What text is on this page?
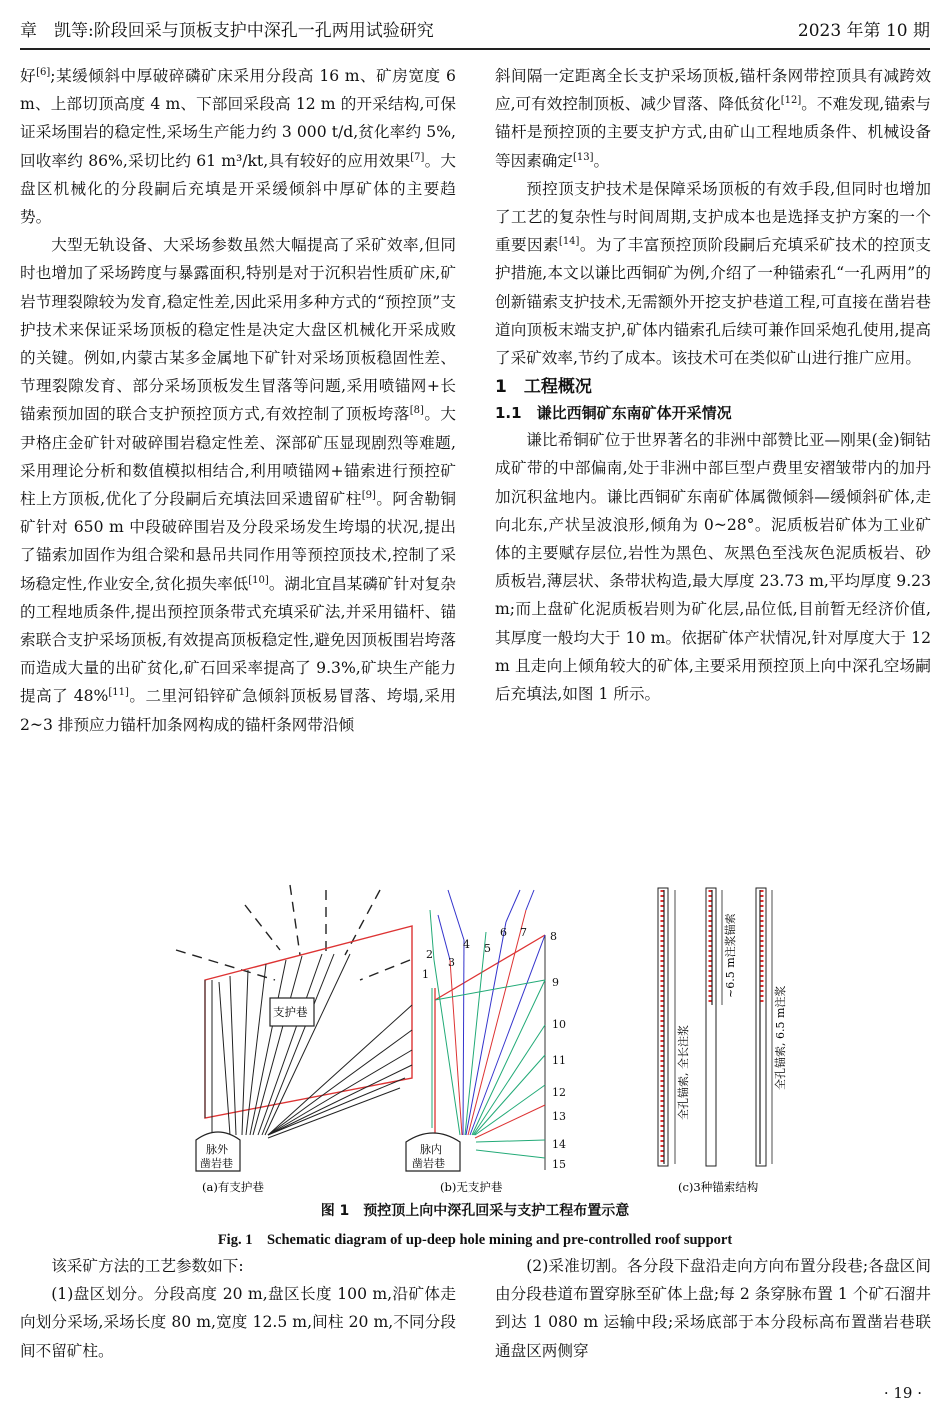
章　凯等:阶段回采与顶板支护中深孔一孔两用试验研究	2023 年第 10 期

好[6];某缓倾斜中厚破碎磷矿床采用分段高 16 m、矿房宽度 6 m、上部切顶高度 4 m、下部回采段高 12 m 的开采结构,可保证采场围岩的稳定性,采场生产能力约 3 000 t/d,贫化率约 5%,回收率约 86%,采切比约 61 m³/kt,具有较好的应用效果[7]。大盘区机械化的分段嗣后充填是开采缓倾斜中厚矿体的主要趋势。

大型无轨设备、大采场参数虽然大幅提高了采矿效率,但同时也增加了采场跨度与暴露面积,特别是对于沉积岩性质矿床,矿岩节理裂隙较为发育,稳定性差,因此采用多种方式的“预控顶”支护技术来保证采场顶板的稳定性是决定大盘区机械化开采成败的关键。例如,内蒙古某多金属地下矿针对采场顶板稳固性差、节理裂隙发育、部分采场顶板发生冒落等问题,采用喷锚网+长锚索预加固的联合支护预控顶方式,有效控制了顶板垮落[8]。大尹格庄金矿针对破碎围岩稳定性差、深部矿压显现剧烈等难题,采用理论分析和数值模拟相结合,利用喷锚网+锚索进行预控矿柱上方顶板,优化了分段嗣后充填法回采遗留矿柱[9]。阿舍勒铜矿针对 650 m 中段破碎围岩及分段采场发生垮塌的状况,提出了锚索加固作为组合梁和悬吊共同作用等预控顶技术,控制了采场稳定性,作业安全,贫化损失率低[10]。湖北宜昌某磷矿针对复杂的工程地质条件,提出预控顶条带式充填采矿法,并采用锚杆、锚索联合支护采场顶板,有效提高顶板稳定性,避免因顶板围岩垮落而造成大量的出矿贫化,矿石回采率提高了 9.3%,矿块生产能力提高了 48%[11]。二里河铅锌矿急倾斜顶板易冒落、垮塌,采用 2~3 排预应力锚杆加条网构成的锚杆条网带沿倾

斜间隔一定距离全长支护采场顶板,锚杆条网带控顶具有减跨效应,可有效控制顶板、减少冒落、降低贫化[12]。不难发现,锚索与锚杆是预控顶的主要支护方式,由矿山工程地质条件、机械设备等因素确定[13]。

预控顶支护技术是保障采场顶板的有效手段,但同时也增加了工艺的复杂性与时间周期,支护成本也是选择支护方案的一个重要因素[14]。为了丰富预控顶阶段嗣后充填采矿技术的控顶支护措施,本文以谦比西铜矿为例,介绍了一种锚索孔“一孔两用”的创新锚索支护技术,无需额外开挖支护巷道工程,可直接在凿岩巷道向顶板末端支护,矿体内锚索孔后续可兼作回采炮孔使用,提高了采矿效率,节约了成本。该技术可在类似矿山进行推广应用。

1　工程概况
1.1　谦比西铜矿东南矿体开采情况

谦比希铜矿位于世界著名的非洲中部赞比亚—刚果(金)铜钴成矿带的中部偏南,处于非洲中部巨型卢费里安褶皱带内的加丹加沉积盆地内。谦比西铜矿东南矿体属微倾斜—缓倾斜矿体,走向北东,产状呈波浪形,倾角为 0~28°。泥质板岩矿体为工业矿体的主要赋存层位,岩性为黑色、灰黑色至浅灰色泥质板岩、砂质板岩,薄层状、条带状构造,最大厚度 23.73 m,平均厚度 9.23 m;而上盘矿化泥质板岩则为矿化层,品位低,目前暂无经济价值,其厚度一般均大于 10 m。依据矿体产状情况,针对厚度大于 12 m 且走向上倾角较大的矿体,主要采用预控顶上向中深孔空场嗣后充填法,如图 1 所示。

支护巷
脉外
凿岩巷
(a)有支护巷
脉内
凿岩巷
1
2
3
4 5
6 7 8
9
10
11
12
13
14
15
(b)无支护巷
全孔锚索, 全长注浆
~6.5 m注浆锚索
全孔锚索, 6.5 m注浆
(c)3种锚索结构
图 1　预控顶上向中深孔回采与支护工程布置示意
Fig. 1　Schematic diagram of up-deep hole mining and pre-controlled roof support

该采矿方法的工艺参数如下:

(1)盘区划分。分段高度 20 m,盘区长度 100 m,沿矿体走向划分采场,采场长度 80 m,宽度 12.5 m,间柱 20 m,不同分段间不留矿柱。

(2)采准切割。各分段下盘沿走向方向布置分段巷;各盘区间由分段巷道布置穿脉至矿体上盘;每 2 条穿脉布置 1 个矿石溜井到达 1 080 m 运输中段;采场底部于本分段标高布置凿岩巷联通盘区两侧穿

· 19 ·
